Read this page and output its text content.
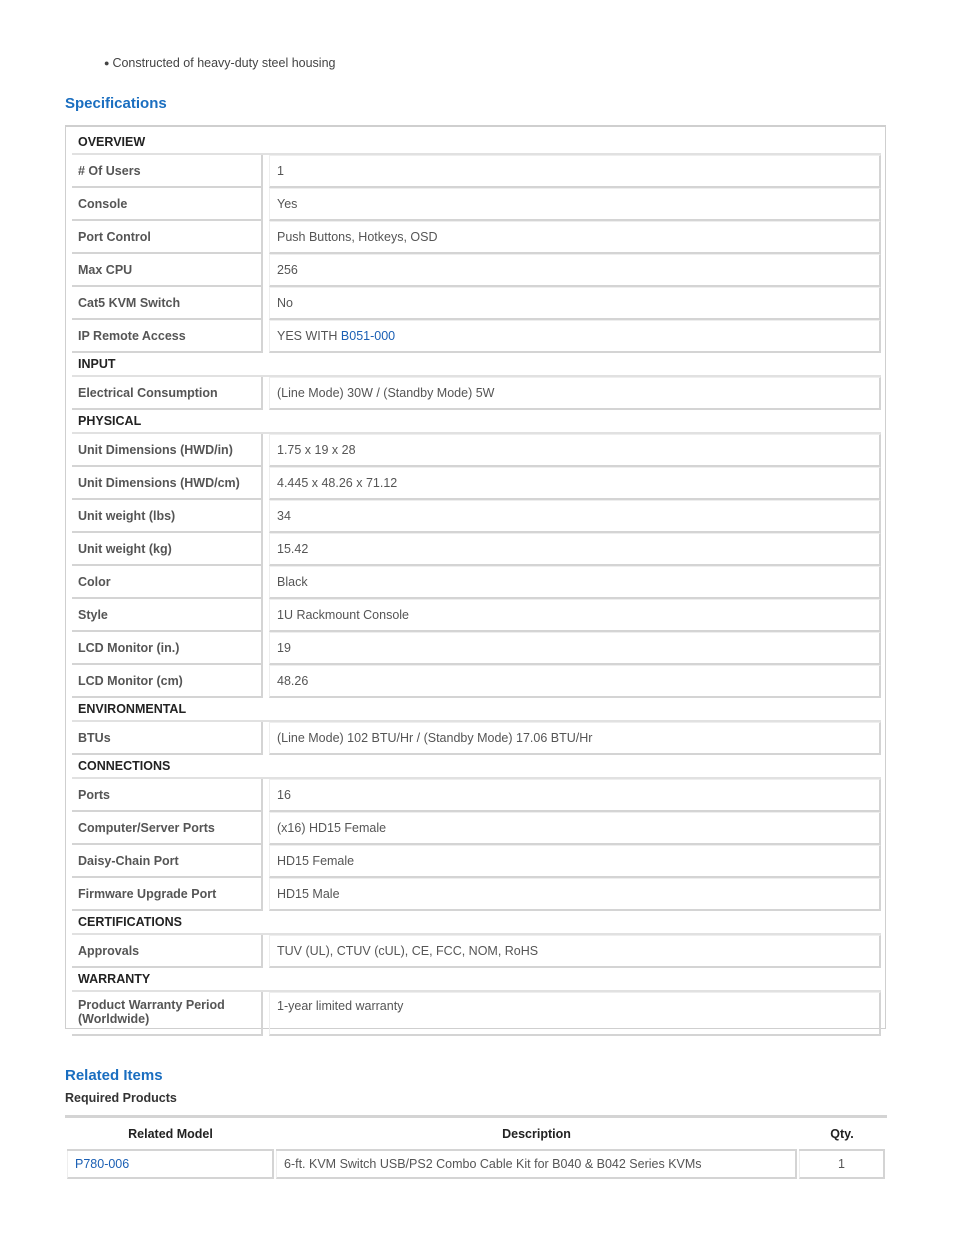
● Constructed of heavy-duty steel housing
Specifications
OVERVIEW		
# Of Users		1
Console		Yes
Port Control		Push Buttons, Hotkeys, OSD
Max CPU		256
Cat5 KVM Switch		No
IP Remote Access		YES WITH B051-000
INPUT		
Electrical Consumption		(Line Mode) 30W / (Standby Mode) 5W
PHYSICAL		
Unit Dimensions (HWD/in)		1.75 x 19 x 28
Unit Dimensions (HWD/cm)		4.445 x 48.26 x 71.12
Unit weight (lbs)		34
Unit weight (kg)		15.42
Color		Black
Style		1U Rackmount Console
LCD Monitor (in.)		19
LCD Monitor (cm)		48.26
ENVIRONMENTAL		
BTUs		(Line Mode) 102 BTU/Hr / (Standby Mode) 17.06 BTU/Hr
CONNECTIONS		
Ports		16
Computer/Server Ports		(x16) HD15 Female
Daisy-Chain Port		HD15 Female
Firmware Upgrade Port		HD15 Male
CERTIFICATIONS		
Approvals		TUV (UL), CTUV (cUL), CE, FCC, NOM, RoHS
WARRANTY		
Product Warranty Period (Worldwide)		1-year limited warranty
Related Items
Required Products
Related Model	Description	Qty.
P780-006	6-ft. KVM Switch USB/PS2 Combo Cable Kit for B040 & B042 Series KVMs	1
